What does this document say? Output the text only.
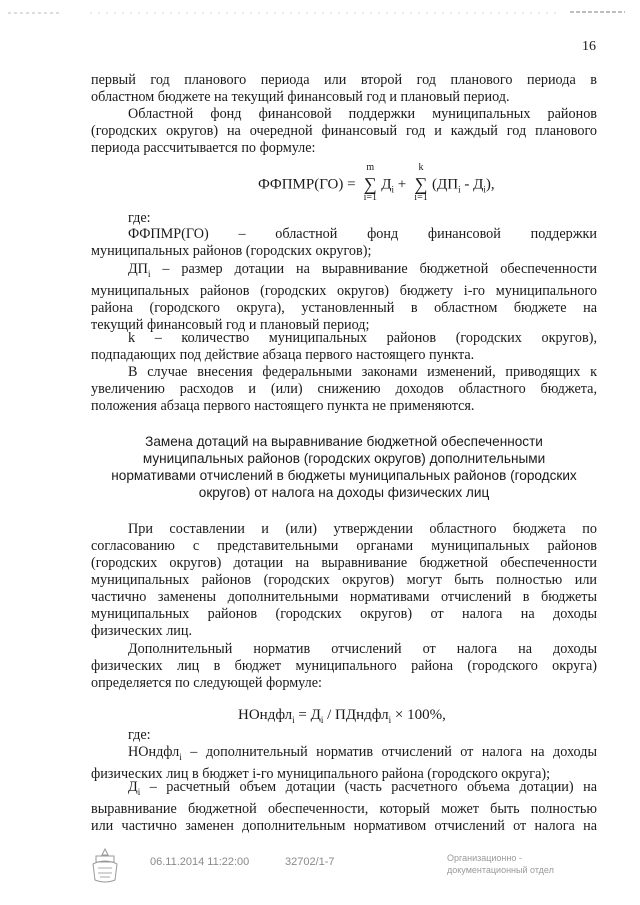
16
первый год планового периода или второй год планового периода в
областном бюджете на текущий финансовый год и плановый период.
Областной фонд финансовой поддержки муниципальных районов
(городских округов) на очередной финансовый год и каждый год планового
периода рассчитывается по формуле:
ФФПМР(ГО) =
m
∑
i=1
$Д_i$ +
k
∑
i=1
$(ДП_i - Д_i)$,
где:
ФФПМР(ГО) – областной фонд финансовой поддержки
муниципальных районов (городских округов);
$ДП_i$ – размер дотации на выравнивание бюджетной обеспеченности
муниципальных районов (городских округов) бюджету i-го муниципального
района (городского округа), установленный в областном бюджете на
текущий финансовый год и плановый период;
k – количество муниципальных районов (городских округов),
подпадающих под действие абзаца первого настоящего пункта.
В случае внесения федеральными законами изменений, приводящих к
увеличению расходов и (или) снижению доходов областного бюджета,
положения абзаца первого настоящего пункта не применяются.
Замена дотаций на выравнивание бюджетной обеспеченности
муниципальных районов (городских округов) дополнительными
нормативами отчислений в бюджеты муниципальных районов (городских
округов) от налога на доходы физических лиц
При составлении и (или) утверждении областного бюджета по
согласованию с представительными органами муниципальных районов
(городских округов) дотации на выравнивание бюджетной обеспеченности
муниципальных районов (городских округов) могут быть полностью или
частично заменены дополнительными нормативами отчислений в бюджеты
муниципальных районов (городских округов) от налога на доходы
физических лиц.
Дополнительный норматив отчислений от налога на доходы
физических лиц в бюджет муниципального района (городского округа)
определяется по следующей формуле:
НОндфл$_i$ = $Д_i$ / ПДндфл$_i$ × 100%,
где:
НОндфл$_i$ – дополнительный норматив отчислений от налога на доходы
физических лиц в бюджет i-го муниципального района (городского округа);
$Д_i$ – расчетный объем дотации (часть расчетного объема дотации) на
выравнивание бюджетной обеспеченности, который может быть полностью
или частично заменен дополнительным нормативом отчислений от налога на
06.11.2014 11:22:00	32702/1-7	Организационно -
документационный отдел
